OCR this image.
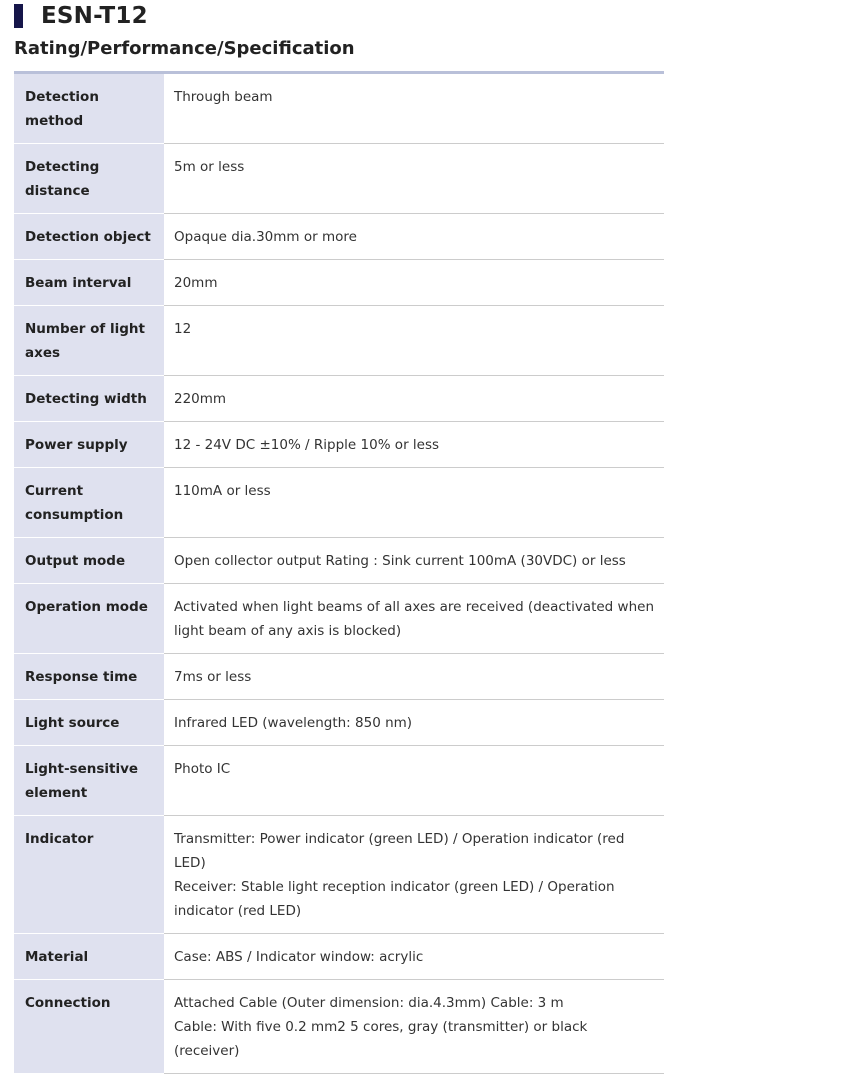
ESN-T12
Rating/Performance/Specification
Detection method	Through beam
Detecting distance	5m or less
Detection object	Opaque dia.30mm or more
Beam interval	20mm
Number of light axes	12
Detecting width	220mm
Power supply	12 - 24V DC ±10% / Ripple 10% or less
Current consumption	110mA or less
Output mode	Open collector output Rating : Sink current 100mA (30VDC) or less
Operation mode	Activated when light beams of all axes are received (deactivated when light beam of any axis is blocked)
Response time	7ms or less
Light source	Infrared LED (wavelength: 850 nm)
Light-sensitive element	Photo IC
Indicator	Transmitter: Power indicator (green LED) / Operation indicator (red LED)
Receiver: Stable light reception indicator (green LED) / Operation indicator (red LED)

Material	Case: ABS / Indicator window: acrylic
Connection	Attached Cable (Outer dimension: dia.4.3mm) Cable: 3 m
Cable: With five 0.2 mm2 5 cores, gray (transmitter) or black (receiver)
